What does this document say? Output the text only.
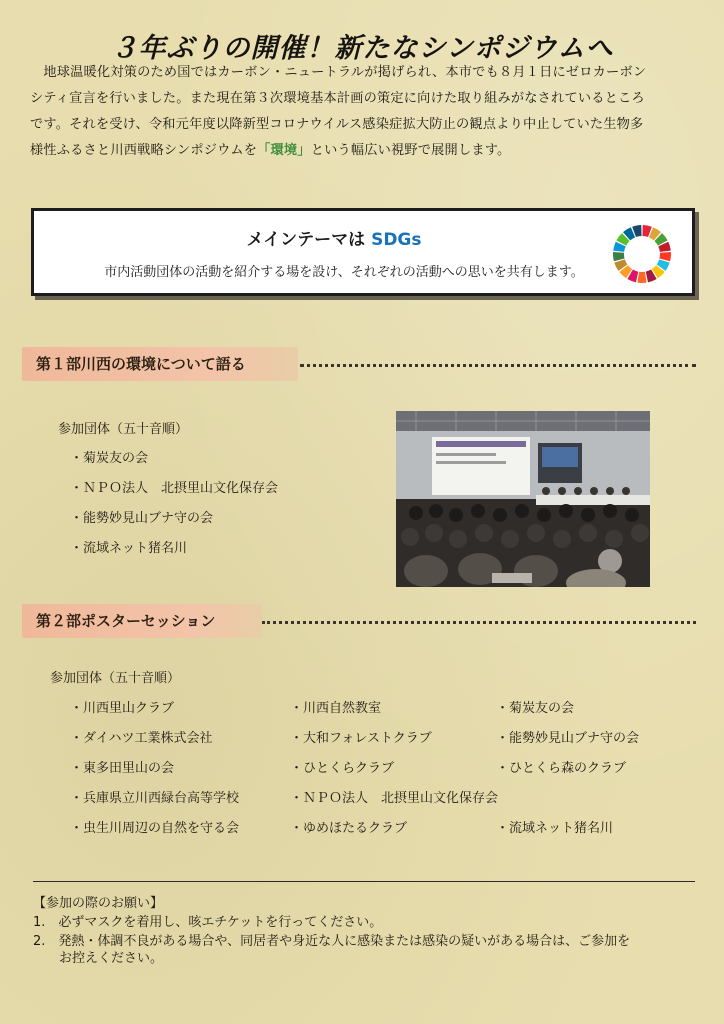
３年ぶりの開催！新たなシンポジウムへ
　地球温暖化対策のため国ではカーボン・ニュートラルが掲げられ、本市でも８月１日にゼロカーボン
シティ宣言を行いました。また現在第３次環境基本計画の策定に向けた取り組みがなされているところ
です。それを受け、令和元年度以降新型コロナウイルス感染症拡大防止の観点より中止していた生物多
様性ふるさと川西戦略シンポジウムを「環境」という幅広い視野で展開します。
メインテーマは SDGs
市内活動団体の活動を紹介する場を設け、それぞれの活動への思いを共有します。
第１部川西の環境について語る
参加団体（五十音順）
・菊炭友の会
・ＮＰＯ法人　北摂里山文化保存会
・能勢妙見山ブナ守の会
・流域ネット猪名川
第２部ポスターセッション
参加団体（五十音順）
・川西里山クラブ
・ダイハツ工業株式会社
・東多田里山の会
・兵庫県立川西緑台高等学校
・虫生川周辺の自然を守る会
・川西自然教室
・大和フォレストクラブ
・ひとくらクラブ
・ＮＰＯ法人　北摂里山文化保存会
・ゆめほたるクラブ
・菊炭友の会
・能勢妙見山ブナ守の会
・ひとくら森のクラブ
・流域ネット猪名川
【参加の際のお願い】
1.　必ずマスクを着用し、咳エチケットを行ってください。
2.　発熱・体調不良がある場合や、同居者や身近な人に感染または感染の疑いがある場合は、ご参加を
　　お控えください。
